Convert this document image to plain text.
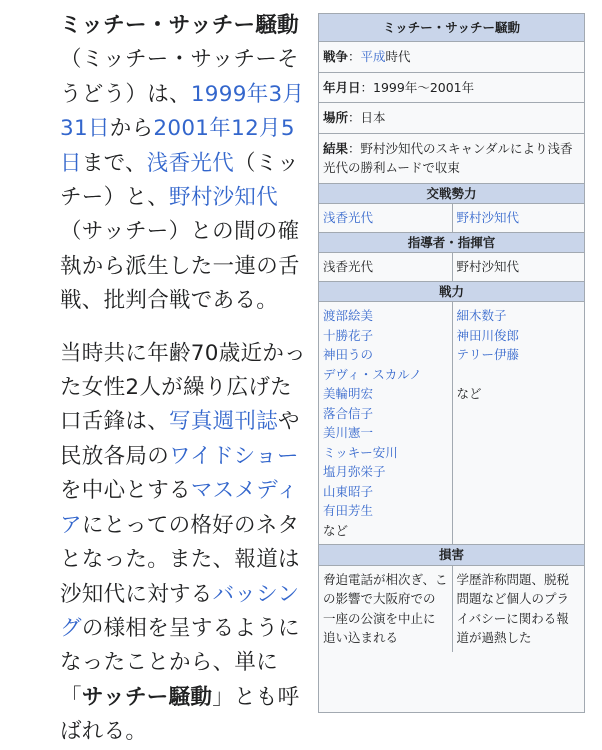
ミッチー・サッチー騒動（ミッチー・サッチーそうどう）は、1999年3月31日から2001年12月5日まで、浅香光代（ミッチー）と、野村沙知代（サッチー）との間の確執から派生した一連の舌戦、批判合戦である。

当時共に年齢70歳近かった女性2人が繰り広げた口舌鋒は、写真週刊誌や民放各局のワイドショーを中心とするマスメディアにとっての格好のネタとなった。また、報道は沙知代に対するバッシングの様相を呈するようになったことから、単に「サッチー騒動」とも呼ばれる。

ミッチー・サッチー騒動
戦争：平成時代
年月日：1999年〜2001年
場所：日本
結果：野村沙知代のスキャンダルにより浅香光代の勝利ムードで収束
交戦勢力
浅香光代	野村沙知代
指導者・指揮官
浅香光代	野村沙知代
戦力
渡部絵美
十勝花子
神田うの
デヴィ・スカルノ
美輪明宏
落合信子
美川憲一
ミッキー安川
塩月弥栄子
山東昭子
有田芳生
など
細木数子
神田川俊郎
テリー伊藤
など
損害
脅迫電話が相次ぎ、この影響で大阪府での一座の公演を中止に追い込まれる
学歴詐称問題、脱税問題など個人のプライバシーに関わる報道が過熱した
